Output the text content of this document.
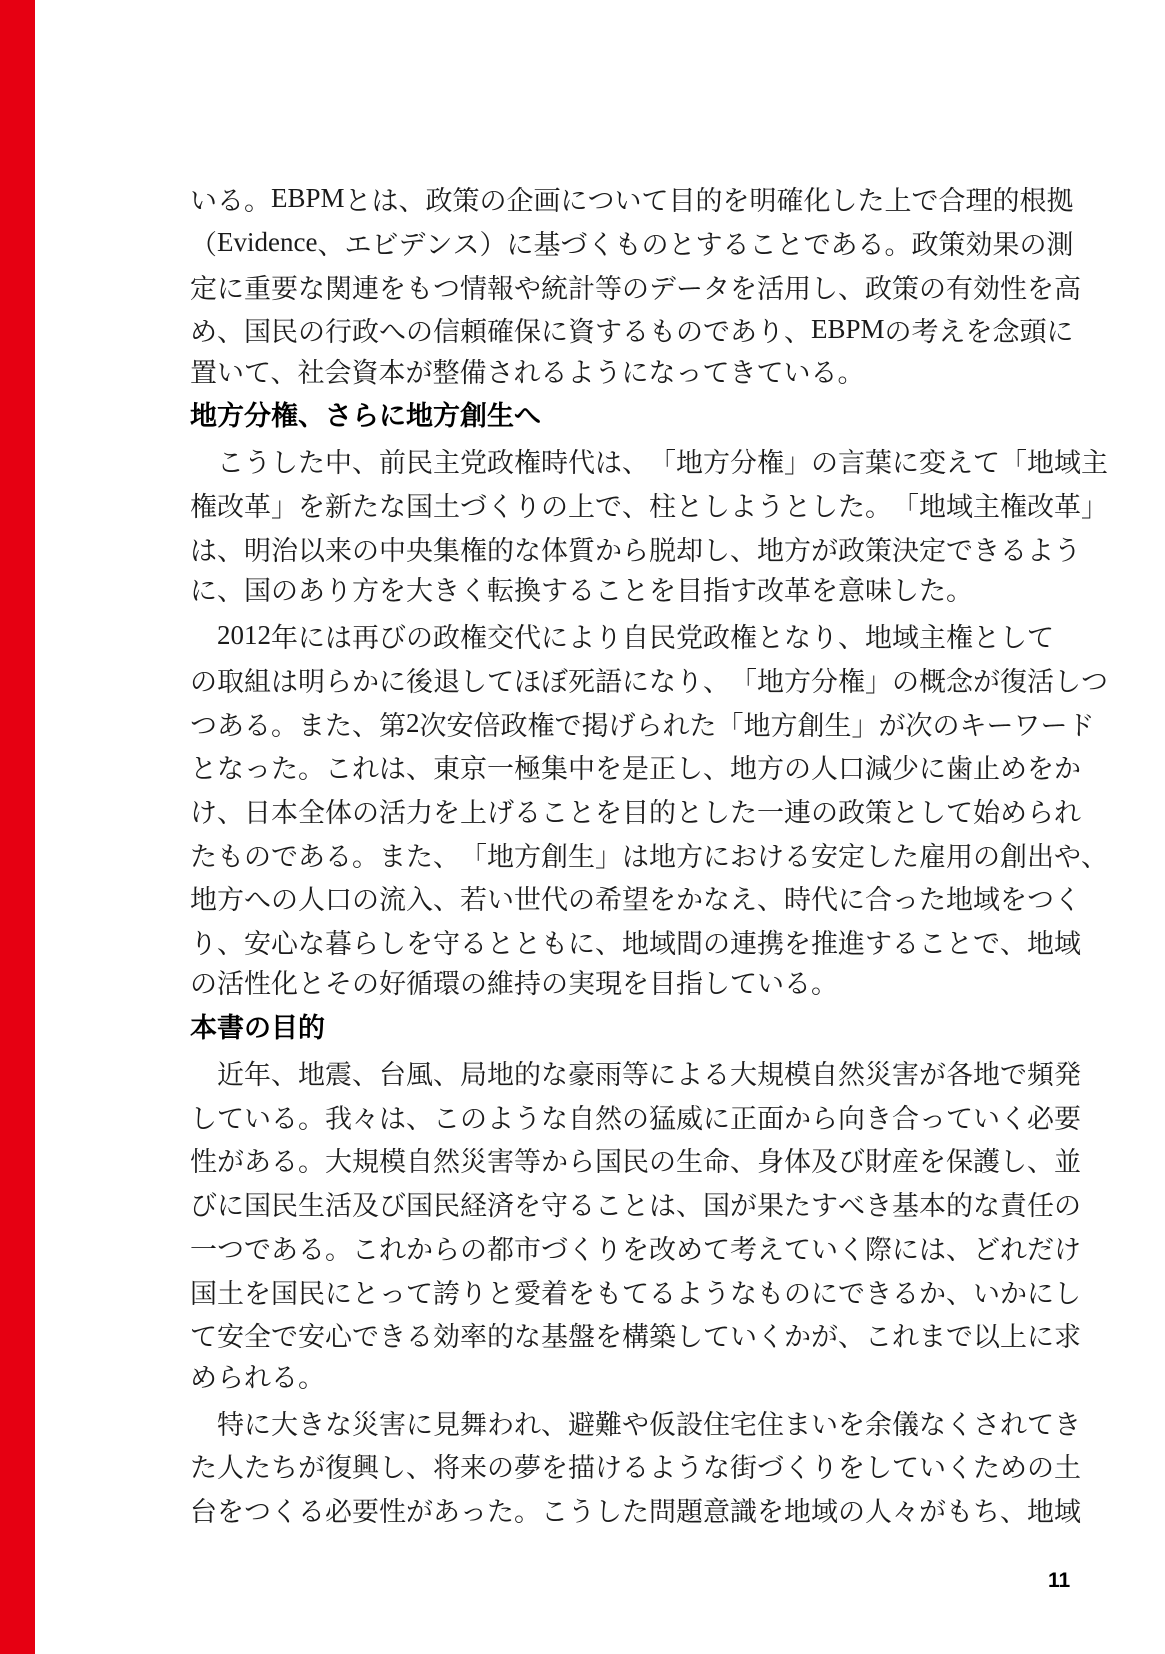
い る 。 EBPM と は 、 政 策 の 企 画 に つ い て 目 的 を 明 確 化 し た 上 で 合 理 的 根 拠
（ Evidence 、 エ ビ デ ン ス ） に 基 づ く も の と す る こ と で あ る 。 政 策 効 果 の 測
定 に 重 要 な 関 連 を も つ 情 報 や 統 計 等 の デ ー タ を 活 用 し 、 政 策 の 有 効 性 を 高
め 、 国 民 の 行 政 へ の 信 頼 確 保 に 資 す る も の で あ り 、 EBPM の 考 え を 念 頭 に
置いて、社会資本が整備されるようになってきている。
地方分権、さらに地方創生へ
こ う し た 中 、 前 民 主 党 政 権 時 代 は 、 「 地 方 分 権 」 の 言 葉 に 変 え て 「 地 域 主
権 改 革 」 を 新 た な 国 土 づ く り の 上 で 、 柱 と し よ う と し た 。 「 地 域 主 権 改 革 」
は 、 明 治 以 来 の 中 央 集 権 的 な 体 質 か ら 脱 却 し 、 地 方 が 政 策 決 定 で き る よ う
に、国のあり方を大きく転換することを目指す改革を意味した。
2012 年 に は 再 び の 政 権 交 代 に よ り 自 民 党 政 権 と な り 、 地 域 主 権 と し て
の 取 組 は 明 ら か に 後 退 し て ほ ぼ 死 語 に な り 、 「 地 方 分 権 」 の 概 念 が 復 活 し つ
つ あ る 。 ま た 、 第 2 次 安 倍 政 権 で 掲 げ ら れ た 「 地 方 創 生 」 が 次 の キ ー ワ ー ド
と な っ た 。 こ れ は 、 東 京 一 極 集 中 を 是 正 し 、 地 方 の 人 口 減 少 に 歯 止 め を か
け 、 日 本 全 体 の 活 力 を 上 げ る こ と を 目 的 と し た 一 連 の 政 策 と し て 始 め ら れ
た も の で あ る 。 ま た 、 「 地 方 創 生 」 は 地 方 に お け る 安 定 し た 雇 用 の 創 出 や 、
地 方 へ の 人 口 の 流 入 、 若 い 世 代 の 希 望 を か な え 、 時 代 に 合 っ た 地 域 を つ く
り 、 安 心 な 暮 ら し を 守 る と と も に 、 地 域 間 の 連 携 を 推 進 す る こ と で 、 地 域
の活性化とその好循環の維持の実現を目指している。
本書の目的
近 年 、 地 震 、 台 風 、 局 地 的 な 豪 雨 等 に よ る 大 規 模 自 然 災 害 が 各 地 で 頻 発
し て い る 。 我 々 は 、 こ の よ う な 自 然 の 猛 威 に 正 面 か ら 向 き 合 っ て い く 必 要
性 が あ る 。 大 規 模 自 然 災 害 等 か ら 国 民 の 生 命 、 身 体 及 び 財 産 を 保 護 し 、 並
び に 国 民 生 活 及 び 国 民 経 済 を 守 る こ と は 、 国 が 果 た す べ き 基 本 的 な 責 任 の
一 つ で あ る 。 こ れ か ら の 都 市 づ く り を 改 め て 考 え て い く 際 に は 、 ど れ だ け
国 土 を 国 民 に と っ て 誇 り と 愛 着 を も て る よ う な も の に で き る か 、 い か に し
て 安 全 で 安 心 で き る 効 率 的 な 基 盤 を 構 築 し て い く か が 、 こ れ ま で 以 上 に 求
められる。
特 に 大 き な 災 害 に 見 舞 わ れ 、 避 難 や 仮 設 住 宅 住 ま い を 余 儀 な く さ れ て き
た 人 た ち が 復 興 し 、 将 来 の 夢 を 描 け る よ う な 街 づ く り を し て い く た め の 土
台 を つ く る 必 要 性 が あ っ た 。 こ う し た 問 題 意 識 を 地 域 の 人 々 が も ち 、 地 域
11
